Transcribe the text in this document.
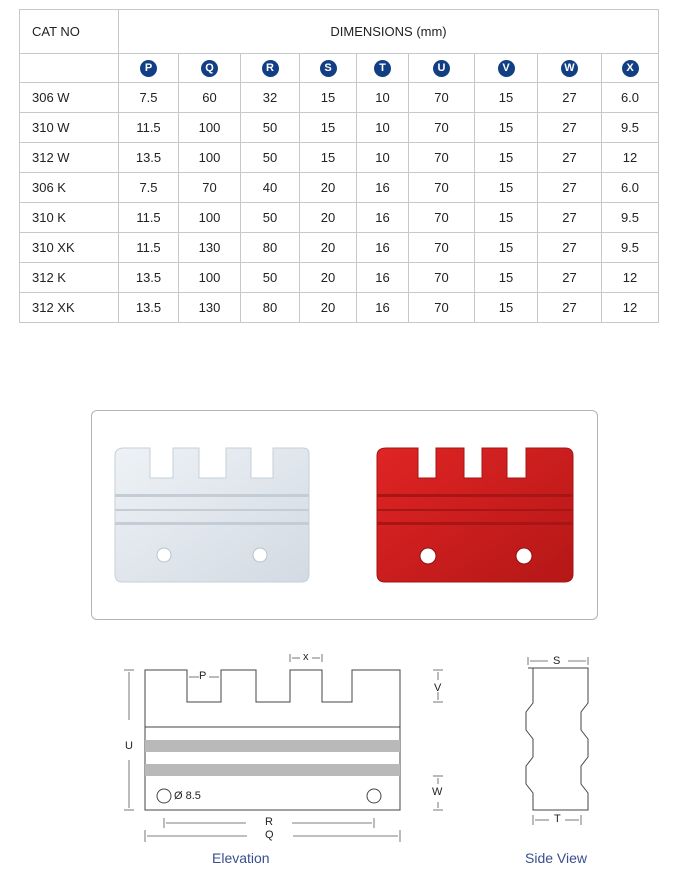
CAT NO	DIMENSIONS (mm)								
	P	Q	R	S	T	U	V	W	X
306 W	7.5	60	32	15	10	70	15	27	6.0
310 W	11.5	100	50	15	10	70	15	27	9.5
312 W	13.5	100	50	15	10	70	15	27	12
306 K	7.5	70	40	20	16	70	15	27	6.0
310 K	11.5	100	50	20	16	70	15	27	9.5
310 XK	11.5	130	80	20	16	70	15	27	9.5
312 K	13.5	100	50	20	16	70	15	27	12
312 XK	13.5	130	80	20	16	70	15	27	12
P
x
V
U
W
Ø 8.5
R
Q
S
T
Elevation	Side View
